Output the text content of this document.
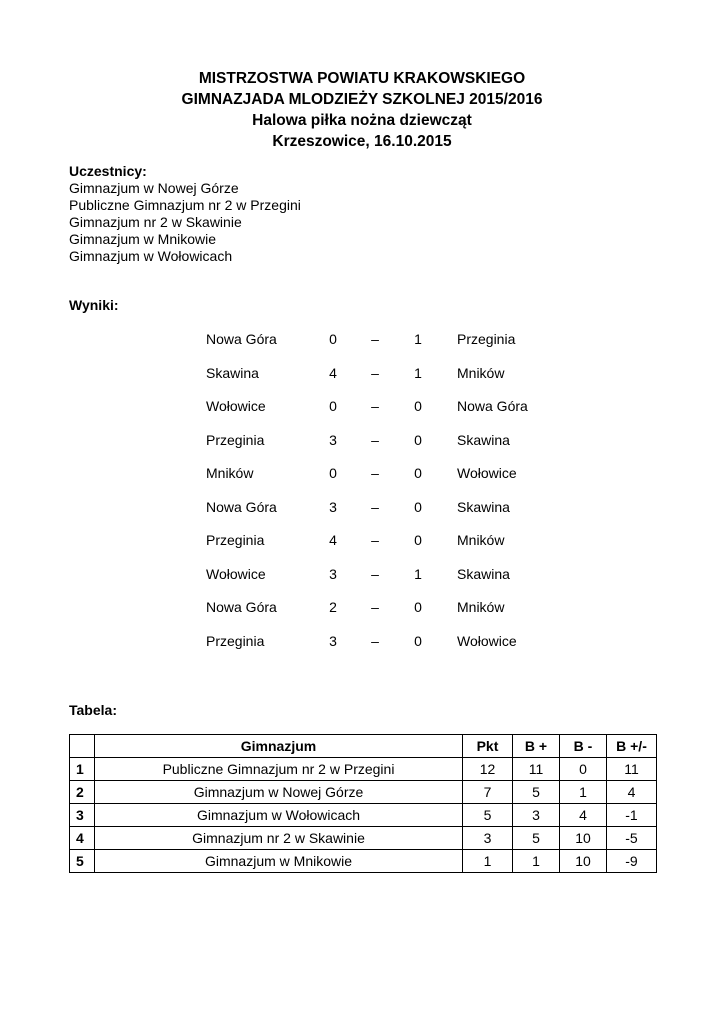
MISTRZOSTWA POWIATU KRAKOWSKIEGO
GIMNAZJADA MLODZIEŻY SZKOLNEJ 2015/2016
Halowa piłka nożna dziewcząt
Krzeszowice, 16.10.2015
Uczestnicy:
Gimnazjum w Nowej Górze
Publiczne Gimnazjum nr 2 w Przegini
Gimnazjum nr 2 w Skawinie
Gimnazjum w Mnikowie
Gimnazjum w Wołowicach
Wyniki:
Nowa Góra	0 –	1	Przeginia
Skawina	4 –	1	Mników
Wołowice	0 –	0	Nowa Góra
Przeginia	3 –	0	Skawina
Mników	0 –	0	Wołowice
Nowa Góra	3 –	0	Skawina
Przeginia	4 –	0	Mników
Wołowice	3 –	1	Skawina
Nowa Góra	2 –	0	Mników
Przeginia	3 –	0	Wołowice
Tabela:
	Gimnazjum	Pkt	B +	B -	B +/-
1	Publiczne Gimnazjum nr 2 w Przegini	12	11	0	11
2	Gimnazjum w Nowej Górze	7	5	1	4
3	Gimnazjum w Wołowicach	5	3	4	-1
4	Gimnazjum nr 2 w Skawinie	3	5	10	-5
5	Gimnazjum w Mnikowie	1	1	10	-9
